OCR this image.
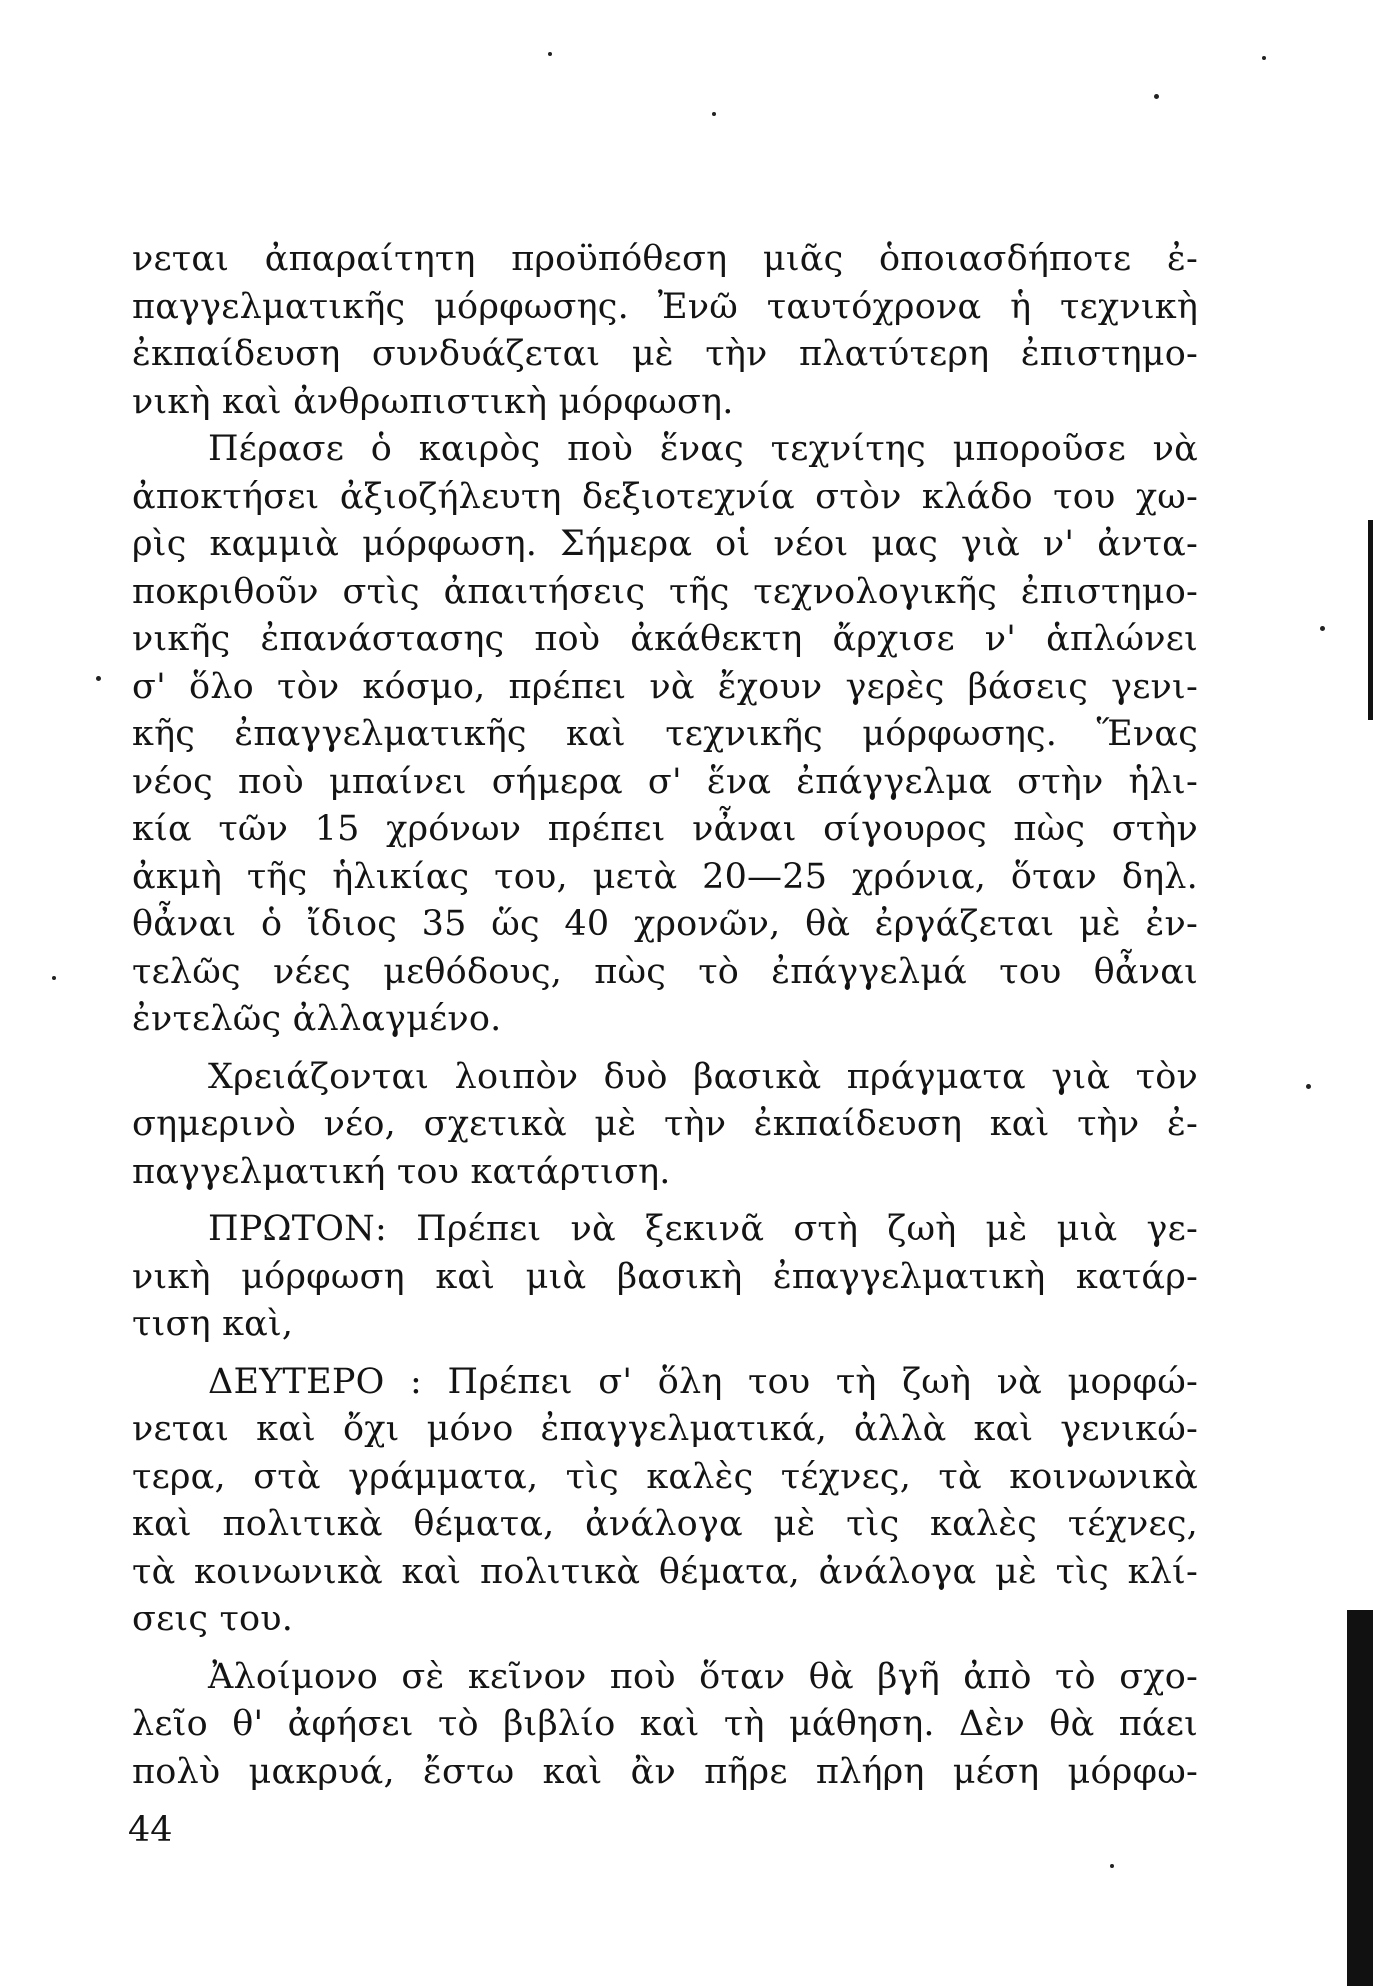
νεται ἀπαραίτητη προϋπόθεση μιᾶς ὁποιασδήποτε ἐ-
παγγελματικῆς μόρφωσης. Ἐνῶ ταυτόχρονα ἡ τεχνικὴ
ἐκπαίδευση συνδυάζεται μὲ τὴν πλατύτερη ἐπιστημο-
νικὴ καὶ ἀνθρωπιστικὴ μόρφωση.
Πέρασε ὁ καιρὸς ποὺ ἕνας τεχνίτης μποροῦσε νὰ
ἀποκτήσει ἀξιοζήλευτη δεξιοτεχνία στὸν κλάδο του χω-
ρὶς καμμιὰ μόρφωση. Σήμερα οἱ νέοι μας γιὰ ν' ἀντα-
ποκριθοῦν στὶς ἀπαιτήσεις τῆς τεχνολογικῆς ἐπιστημο-
νικῆς ἐπανάστασης ποὺ ἀκάθεκτη ἄρχισε ν' ἁπλώνει
σ' ὅλο τὸν κόσμο, πρέπει νὰ ἔχουν γερὲς βάσεις γενι-
κῆς ἐπαγγελματικῆς καὶ τεχνικῆς μόρφωσης. Ἕνας
νέος ποὺ μπαίνει σήμερα σ' ἕνα ἐπάγγελμα στὴν ἡλι-
κία τῶν 15 χρόνων πρέπει νἆναι σίγουρος πὼς στὴν
ἀκμὴ τῆς ἡλικίας του, μετὰ 20—25 χρόνια, ὅταν δηλ.
θἆναι ὁ ἴδιος 35 ὥς 40 χρονῶν, θὰ ἐργάζεται μὲ ἐν-
τελῶς νέες μεθόδους, πὼς τὸ ἐπάγγελμά του θἆναι
ἐντελῶς ἀλλαγμένο.
Χρειάζονται λοιπὸν δυὸ βασικὰ πράγματα γιὰ τὸν
σημερινὸ νέο, σχετικὰ μὲ τὴν ἐκπαίδευση καὶ τὴν ἐ-
παγγελματική του κατάρτιση.
ΠΡΩΤΟΝ: Πρέπει νὰ ξεκινᾶ στὴ ζωὴ μὲ μιὰ γε-
νικὴ μόρφωση καὶ μιὰ βασικὴ ἐπαγγελματικὴ κατάρ-
τιση καὶ,
ΔΕΥΤΕΡΟ : Πρέπει σ' ὅλη του τὴ ζωὴ νὰ μορφώ-
νεται καὶ ὄχι μόνο ἐπαγγελματικά, ἀλλὰ καὶ γενικώ-
τερα, στὰ γράμματα, τὶς καλὲς τέχνες, τὰ κοινωνικὰ
καὶ πολιτικὰ θέματα, ἀνάλογα μὲ τὶς καλὲς τέχνες,
τὰ κοινωνικὰ καὶ πολιτικὰ θέματα, ἀνάλογα μὲ τὶς κλί-
σεις του.
Ἀλοίμονο σὲ κεῖνον ποὺ ὅταν θὰ βγῆ ἀπὸ τὸ σχο-
λεῖο θ' ἀφήσει τὸ βιβλίο καὶ τὴ μάθηση. Δὲν θὰ πάει
πολὺ μακρυά, ἔστω καὶ ἂν πῆρε πλήρη μέση μόρφω-
44
